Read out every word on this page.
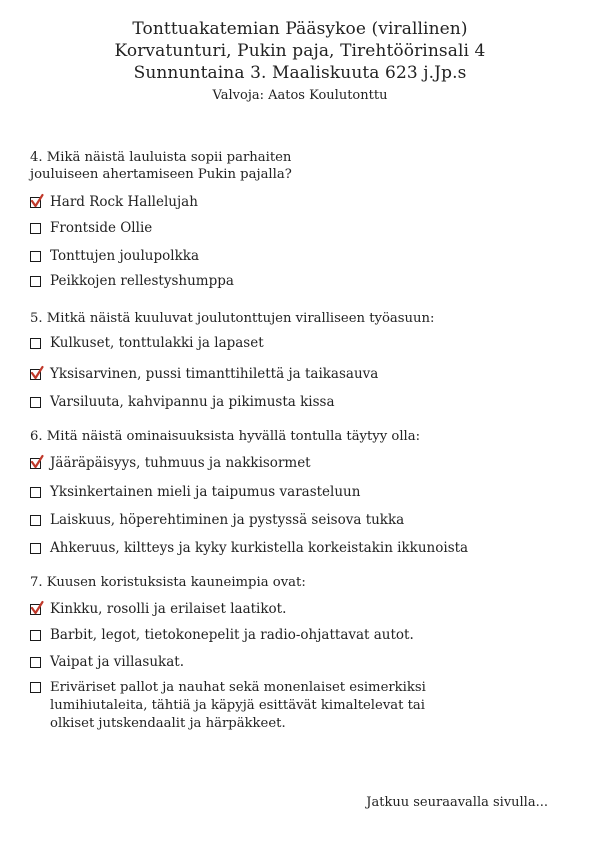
Tonttuakatemian Pääsykoe (virallinen)
Korvatunturi, Pukin paja, Tirehtöörinsali 4
Sunnuntaina 3. Maaliskuuta 623 j.Jp.s
Valvoja: Aatos Koulutonttu

4. Mikä näistä lauluista sopii parhaiten jouluiseen ahertamiseen Pukin pajalla?

Hard Rock Hallelujah
Frontside Ollie
Tonttujen joulupolkka
Peikkojen rellestyshumppa

5. Mitkä näistä kuuluvat joulutonttujen viralliseen työasuun:

Kulkuset, tonttulakki ja lapaset
Yksisarvinen, pussi timanttihilettä ja taikasauva
Varsiluuta, kahvipannu ja pikimusta kissa

6. Mitä näistä ominaisuuksista hyvällä tontulla täytyy olla:

Jääräpäisyys, tuhmuus ja nakkisormet
Yksinkertainen mieli ja taipumus varasteluun
Laiskuus, höperehtiminen ja pystyssä seisova tukka
Ahkeruus, kiltteys ja kyky kurkistella korkeistakin ikkunoista

7. Kuusen koristuksista kauneimpia ovat:

Kinkku, rosolli ja erilaiset laatikot.
Barbit, legot, tietokonepelit ja radio-ohjattavat autot.
Vaipat ja villasukat.
Eriväriset pallot ja nauhat sekä monenlaiset esimerkiksi lumihiutaleita, tähtiä ja käpyjä esittävät kimaltelevat tai olkiset jutskendaalit ja härpäkkeet.
Jatkuu seuraavalla sivulla...
